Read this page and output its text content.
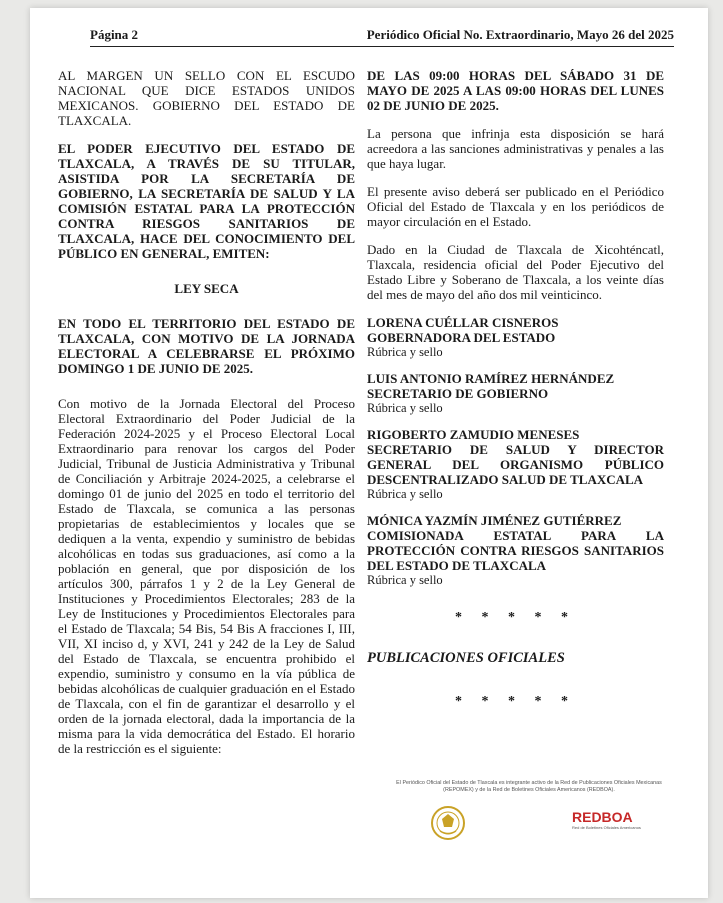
Página 2	Periódico Oficial No. Extraordinario, Mayo 26 del 2025

AL MARGEN UN SELLO CON EL ESCUDO NACIONAL QUE DICE ESTADOS UNIDOS MEXICANOS. GOBIERNO DEL ESTADO DE TLAXCALA.

EL PODER EJECUTIVO DEL ESTADO DE TLAXCALA, A TRAVÉS DE SU TITULAR, ASISTIDA POR LA SECRETARÍA DE GOBIERNO, LA SECRETARÍA DE SALUD Y LA COMISIÓN ESTATAL PARA LA PROTECCIÓN CONTRA RIESGOS SANITARIOS DE TLAXCALA, HACE DEL CONOCIMIENTO DEL PÚBLICO EN GENERAL, EMITEN:

LEY SECA

EN TODO EL TERRITORIO DEL ESTADO DE TLAXCALA, CON MOTIVO DE LA JORNADA ELECTORAL A CELEBRARSE EL PRÓXIMO DOMINGO 1 DE JUNIO DE 2025.

Con motivo de la Jornada Electoral del Proceso Electoral Extraordinario del Poder Judicial de la Federación 2024-2025 y el Proceso Electoral Local Extraordinario para renovar los cargos del Poder Judicial, Tribunal de Justicia Administrativa y Tribunal de Conciliación y Arbitraje 2024-2025, a celebrarse el domingo 01 de junio del 2025 en todo el territorio del Estado de Tlaxcala, se comunica a las personas propietarias de establecimientos y locales que se dediquen a la venta, expendio y suministro de bebidas alcohólicas en todas sus graduaciones, así como a la población en general, que por disposición de los artículos 300, párrafos 1 y 2 de la Ley General de Instituciones y Procedimientos Electorales; 283 de la Ley de Instituciones y Procedimientos Electorales para el Estado de Tlaxcala; 54 Bis, 54 Bis A fracciones I, III, VII, XI inciso d, y XVI, 241 y 242 de la Ley de Salud del Estado de Tlaxcala, se encuentra prohibido el expendio, suministro y consumo en la vía pública de bebidas alcohólicas de cualquier graduación en el Estado de Tlaxcala, con el fin de garantizar el desarrollo y el orden de la jornada electoral, dada la importancia de la misma para la vida democrática del Estado. El horario de la restricción es el siguiente:

DE LAS 09:00 HORAS DEL SÁBADO 31 DE MAYO DE 2025 A LAS 09:00 HORAS DEL LUNES 02 DE JUNIO DE 2025.

La persona que infrinja esta disposición se hará acreedora a las sanciones administrativas y penales a las que haya lugar.

El presente aviso deberá ser publicado en el Periódico Oficial del Estado de Tlaxcala y en los periódicos de mayor circulación en el Estado.

Dado en la Ciudad de Tlaxcala de Xicohténcatl, Tlaxcala, residencia oficial del Poder Ejecutivo del Estado Libre y Soberano de Tlaxcala, a los veinte días del mes de mayo del año dos mil veinticinco.

LORENA CUÉLLAR CISNEROS
GOBERNADORA DEL ESTADO
Rúbrica y sello
LUIS ANTONIO RAMÍREZ HERNÁNDEZ
SECRETARIO DE GOBIERNO
Rúbrica y sello
RIGOBERTO ZAMUDIO MENESES
SECRETARIO DE SALUD Y DIRECTOR GENERAL DEL ORGANISMO PÚBLICO DESCENTRALIZADO SALUD DE TLAXCALA
Rúbrica y sello
MÓNICA YAZMÍN JIMÉNEZ GUTIÉRREZ
COMISIONADA ESTATAL PARA LA PROTECCIÓN CONTRA RIESGOS SANITARIOS DEL ESTADO DE TLAXCALA
Rúbrica y sello
* * * * *

PUBLICACIONES OFICIALES

* * * * *
El Periódico Oficial del Estado de Tlaxcala es integrante activo de la Red de Publicaciones Oficiales Mexicanas (REPOMEX) y de la Red de Boletines Oficiales Americanos (REDBOA).
REDBOA
Red de Boletines Oficiales Americanos
